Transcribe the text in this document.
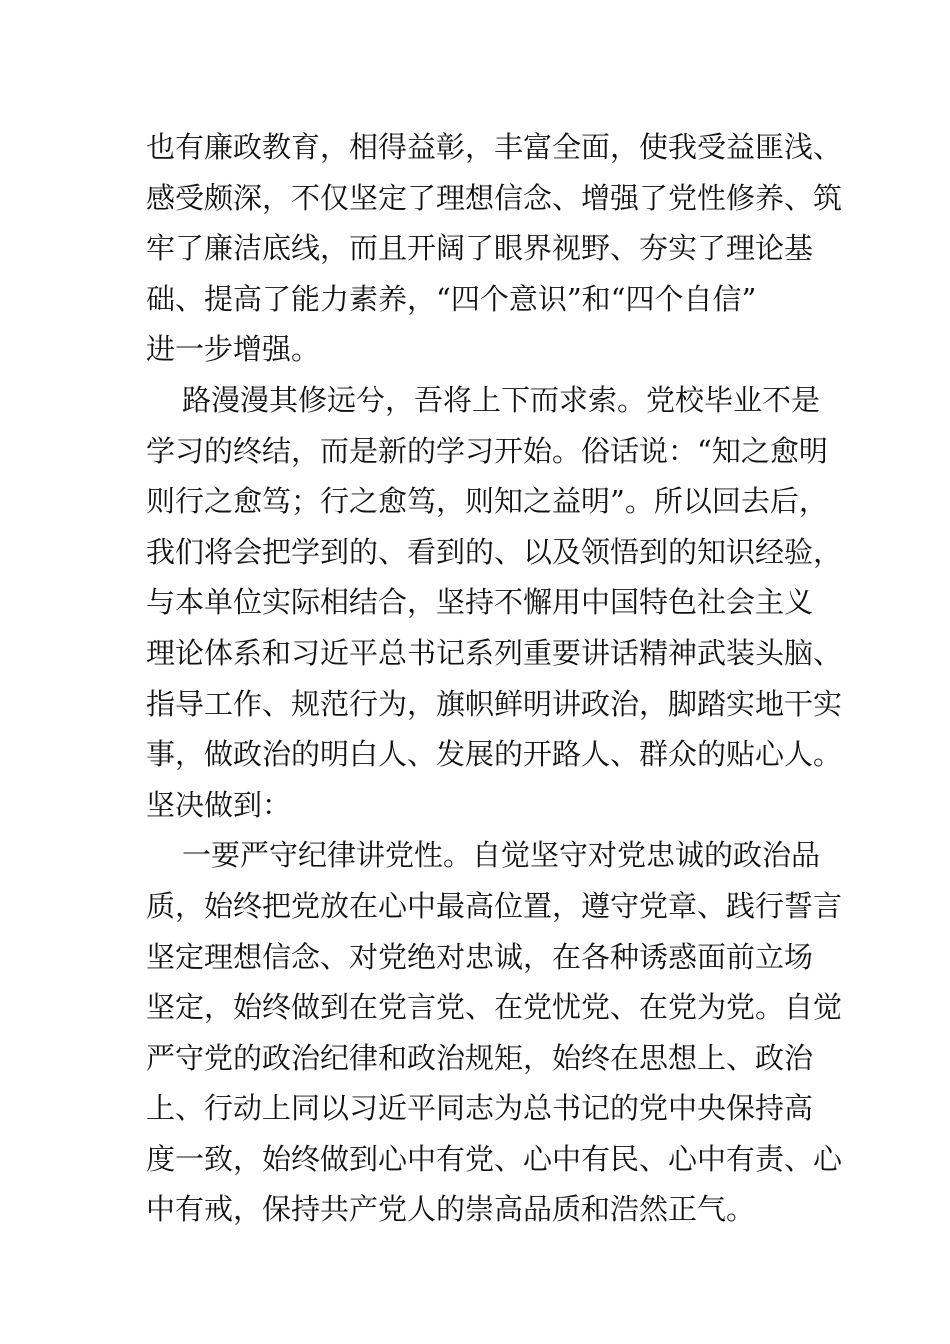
也有廉政教育，相得益彰，丰富全面，使我受益匪浅、
感受颇深，不仅坚定了理想信念、增强了党性修养、筑
牢了廉洁底线，而且开阔了眼界视野、夯实了理论基
础、提高了能力素养，“四个意识”和“四个自信”
进一步增强。
路漫漫其修远兮，吾将上下而求索。党校毕业不是
学习的终结，而是新的学习开始。俗话说：“知之愈明
则行之愈笃；行之愈笃，则知之益明”。所以回去后，
我们将会把学到的、看到的、以及领悟到的知识经验，
与本单位实际相结合，坚持不懈用中国特色社会主义
理论体系和习近平总书记系列重要讲话精神武装头脑、
指导工作、规范行为，旗帜鲜明讲政治，脚踏实地干实
事，做政治的明白人、发展的开路人、群众的贴心人。
坚决做到：
一要严守纪律讲党性。自觉坚守对党忠诚的政治品
质，始终把党放在心中最高位置，遵守党章、践行誓言
坚定理想信念、对党绝对忠诚，在各种诱惑面前立场
坚定，始终做到在党言党、在党忧党、在党为党。自觉
严守党的政治纪律和政治规矩，始终在思想上、政治
上、行动上同以习近平同志为总书记的党中央保持高
度一致，始终做到心中有党、心中有民、心中有责、心
中有戒，保持共产党人的崇高品质和浩然正气。
